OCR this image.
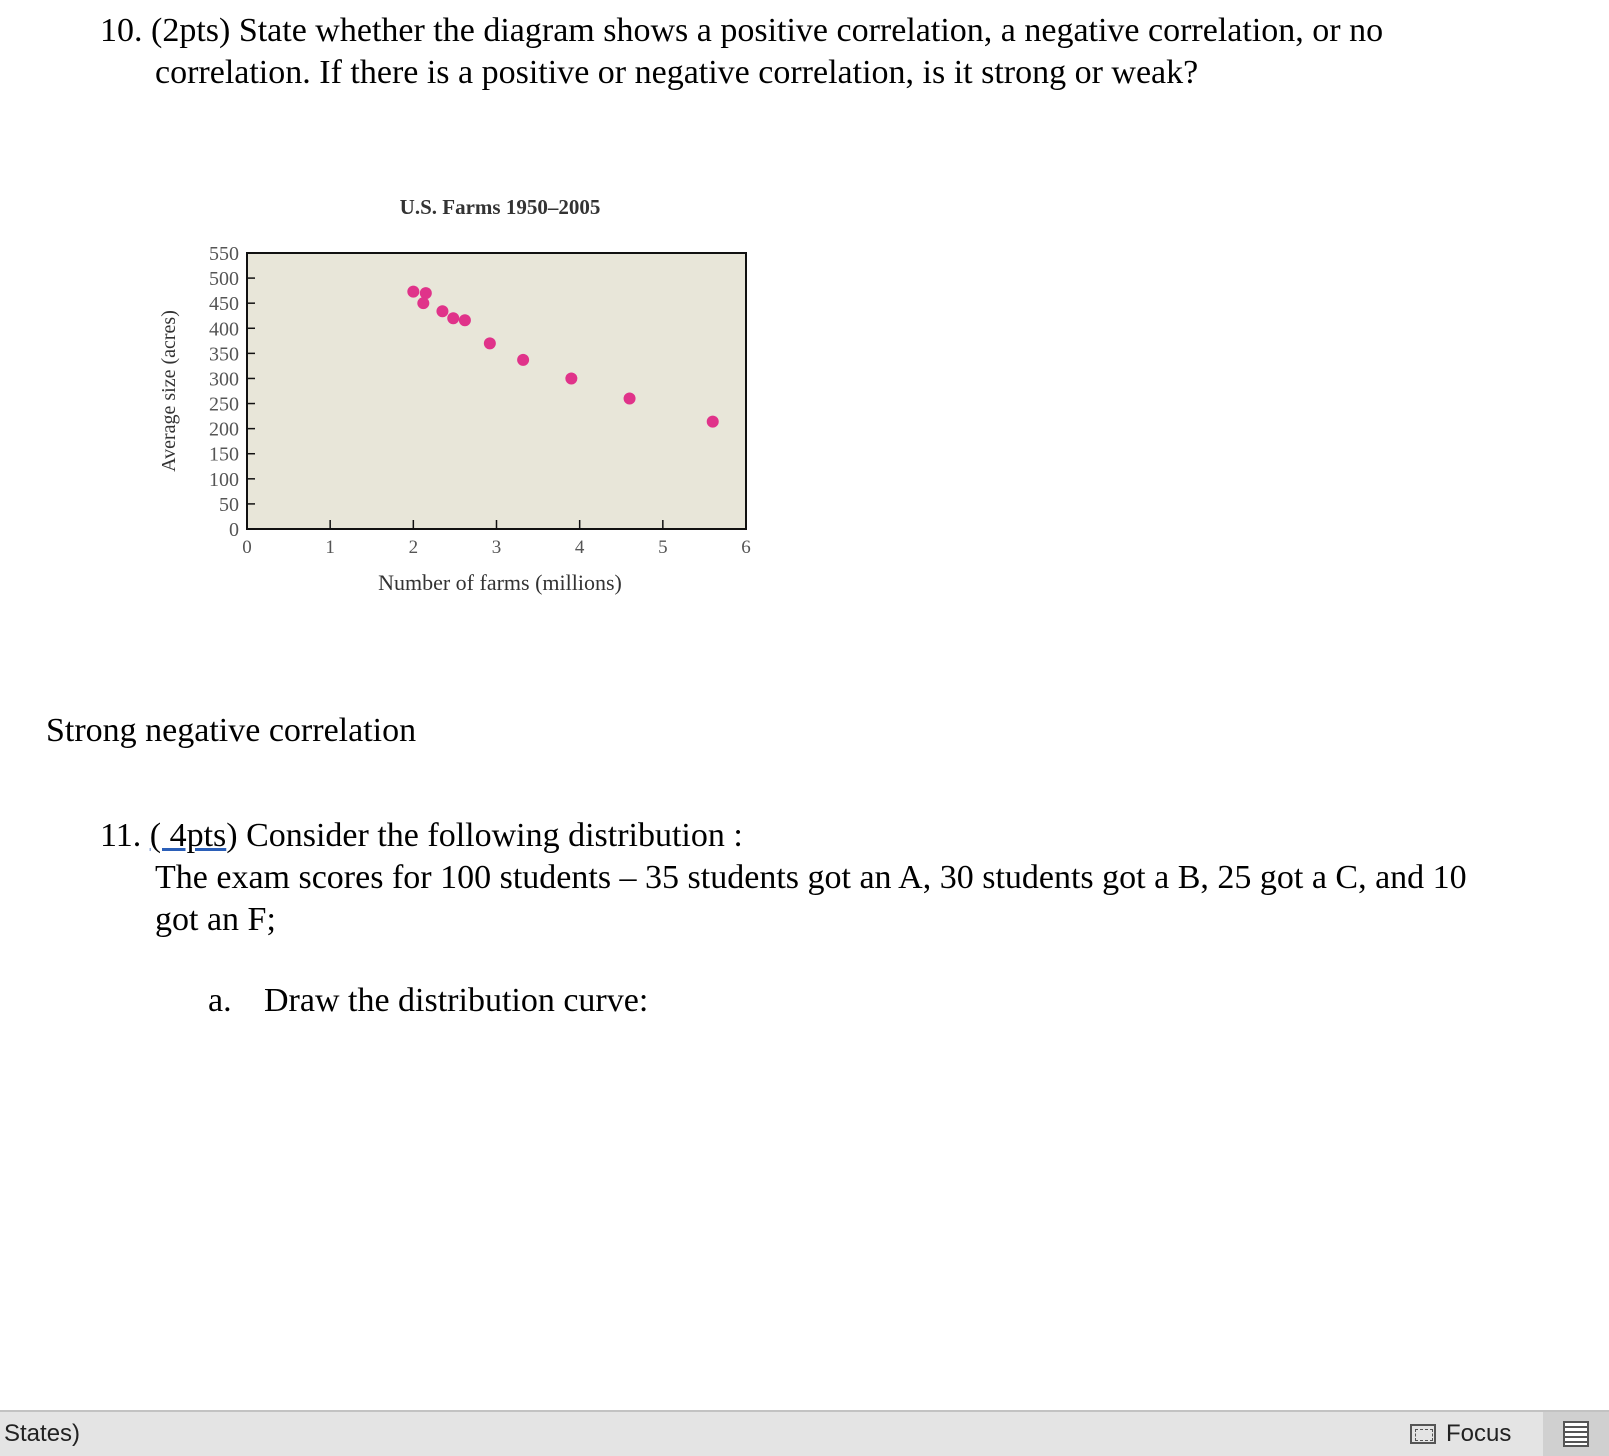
10. (2pts) State whether the diagram shows a positive correlation, a negative correlation, or no
correlation. If there is a positive or negative correlation, is it strong or weak?
U.S. Farms 1950–2005
0
50
100
150
200
250
300
350
400
450
500
550
0	1	2	3	4	5	6
Average size (acres)
Number of farms (millions)
Strong negative correlation
11. ( 4pts) Consider the following distribution :
The exam scores for 100 students – 35 students got an A, 30 students got a B, 25 got a C, and 10
got an F;
a. Draw the distribution curve:
States)	Focus
